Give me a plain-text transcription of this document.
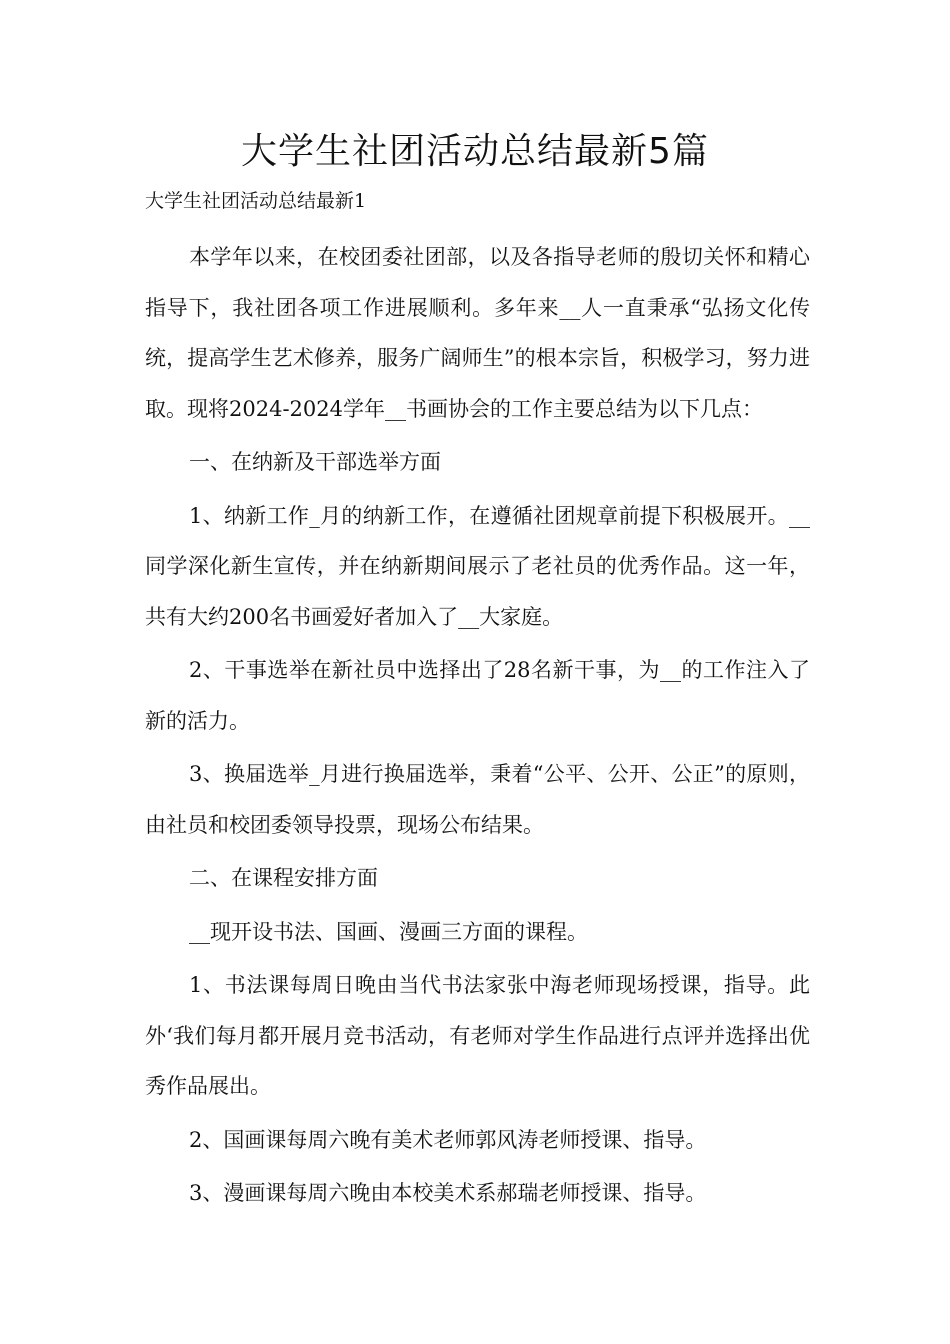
大学生社团活动总结最新5篇

大学生社团活动总结最新1

本学年以来，在校团委社团部，以及各指导老师的殷切关怀和精心指导下，我社团各项工作进展顺利。多年来__人一直秉承“弘扬文化传统，提高学生艺术修养，服务广阔师生”的根本宗旨，积极学习，努力进取。现将2024-2024学年__书画协会的工作主要总结为以下几点：

一、在纳新及干部选举方面

1、纳新工作_月的纳新工作，在遵循社团规章前提下积极展开。__同学深化新生宣传，并在纳新期间展示了老社员的优秀作品。这一年，共有大约200名书画爱好者加入了__大家庭。

2、干事选举在新社员中选择出了28名新干事，为__的工作注入了新的活力。

3、换届选举_月进行换届选举，秉着“公平、公开、公正”的原则，由社员和校团委领导投票，现场公布结果。

二、在课程安排方面

__现开设书法、国画、漫画三方面的课程。

1、书法课每周日晚由当代书法家张中海老师现场授课，指导。此外‘我们每月都开展月竞书活动，有老师对学生作品进行点评并选择出优秀作品展出。

2、国画课每周六晚有美术老师郭风涛老师授课、指导。

3、漫画课每周六晚由本校美术系郝瑞老师授课、指导。
